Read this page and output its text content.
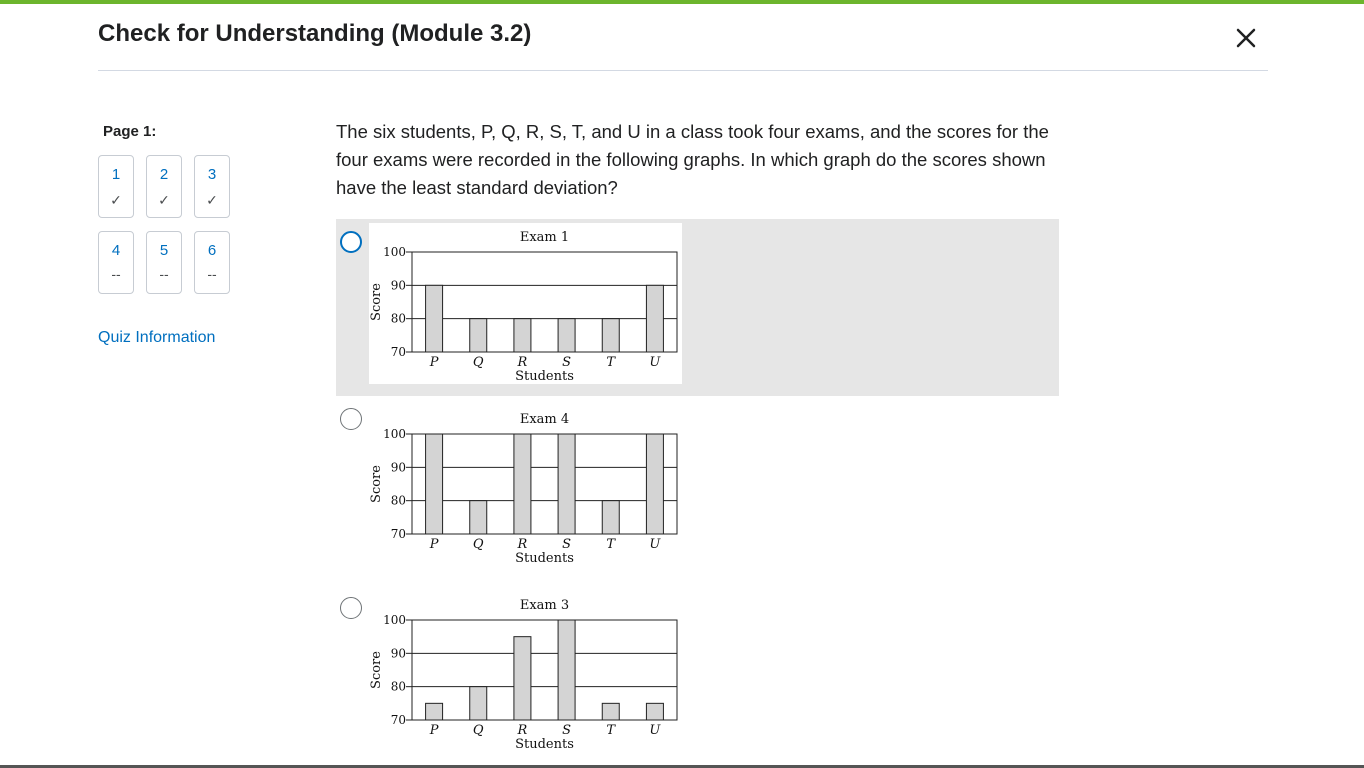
Check for Understanding (Module 3.2)
Page 1:
1
✓
2
✓
3
✓
4
--
5
--
6
--
Quiz Information
The six students, P, Q, R, S, T, and U in a class took four exams, and the scores for the four exams were recorded in the following graphs. In which graph do the scores shown have the least standard deviation?
Exam 1
70
80
90
100
P	Q	R	S	T	U
Students
Score
Exam 4
70
80
90
100
P	Q	R	S	T	U
Students
Score
Exam 3
70
80
90
100
P	Q	R	S	T	U
Students
Score
